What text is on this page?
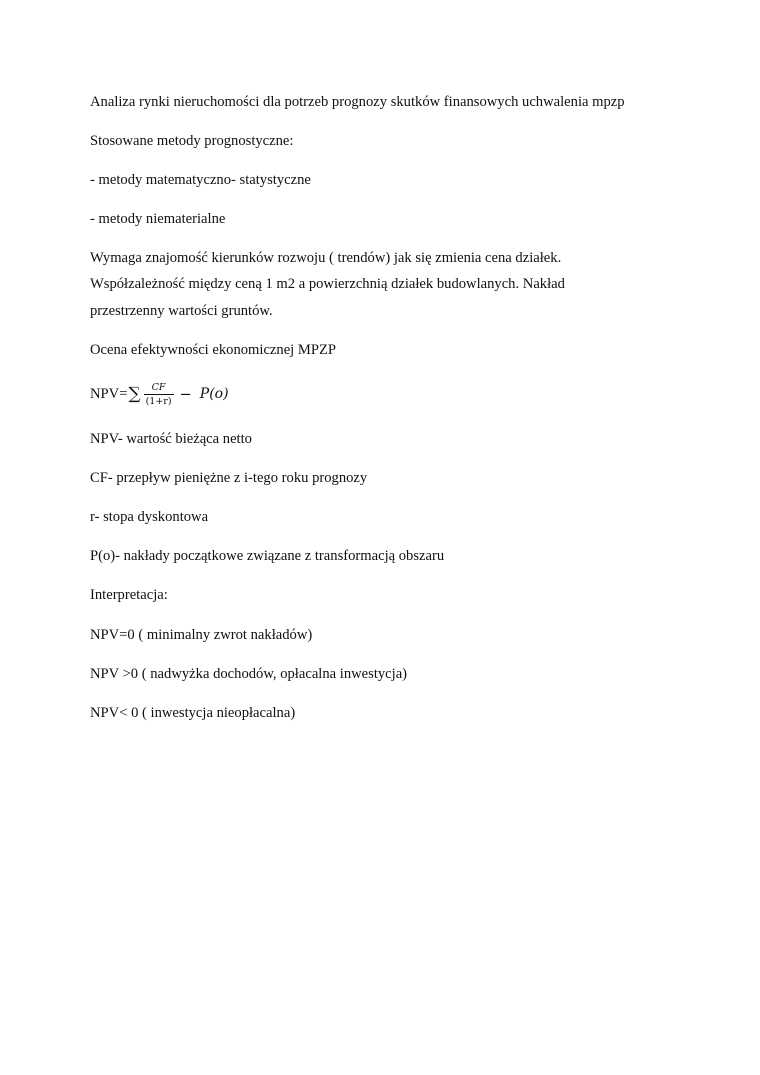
Analiza rynki nieruchomości dla potrzeb prognozy skutków finansowych uchwalenia mpzp
Stosowane metody prognostyczne:
- metody matematyczno- statystyczne
- metody niematerialne
Wymaga znajomość kierunków rozwoju ( trendów) jak się zmienia cena działek.
Współzależność między ceną 1 m2 a powierzchnią działek budowlanych. Nakład
przestrzenny wartości gruntów.
Ocena efektywności ekonomicznej MPZP
NPV= ∑ $\frac{CF}{(1+r)} - P(o)$
NPV- wartość bieżąca netto
CF- przepływ pieniężne z i-tego roku prognozy
r- stopa dyskontowa
P(o)- nakłady początkowe związane z transformacją obszaru
Interpretacja:
NPV=0 ( minimalny zwrot nakładów)
NPV >0 ( nadwyżka dochodów, opłacalna inwestycja)
NPV< 0 ( inwestycja nieopłacalna)
